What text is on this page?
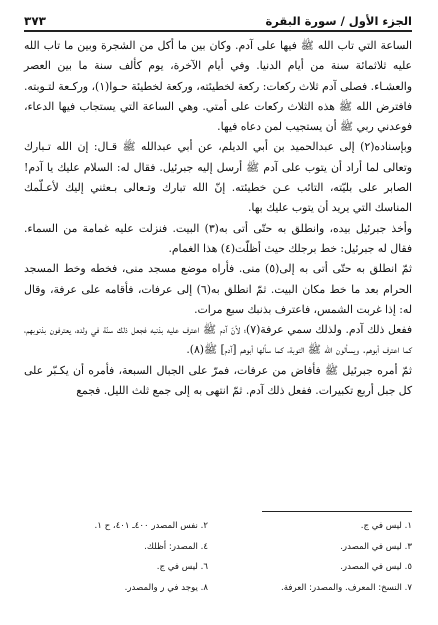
الجزء الأول / سورة البقرة
٣٧٣

الساعة التي تاب الله ﷺ فيها على آدم. وكان بين ما أكل من الشجرة وبين ما تاب الله عليه ثلاثمائة سنة من أيام الدنيا. وفي أيام الآخرة، يوم كألف سنة ما بين العصر والعشـاء. فصلى آدم ثلاث ركعات: ركعة لخطيئته، وركعة لخطيئة حـوا(١)، وركـعة لتـوبته. فافترض الله ﷺ هذه الثلاث ركعات على أمتي. وهي الساعة التي يستجاب فيها الدعاء، فوعدني ربي ﷺ أن يستجيب لمن دعاه فيها.

وبإسناده(٢) إلى عبدالحميد بن أبي الديلم، عن أبي عبدالله ﷺ قـال: إن الله تـبارك وتعالى لما أراد أن يتوب على آدم ﷺ أرسل إليه جبرئيل. فقال له: السلام عليك يا آدم! الصابر على بليّته، التائب عـن خطيئته. إنّ الله تبارك وتـعالى بـعثني إليك لأعـلّمك المناسك التي يريد أن يتوب عليك بها.

وأخذ جبرئيل بيده، وانطلق به حتّى أتى به(٣) البيت. فنزلت عليه غمامة من السماء. فقال له جبرئيل: خط برجلك حيث أظلّت(٤) هذا الغمام.

ثمّ انطلق به حتّى أتى به إلى(٥) منى. فأراه موضع مسجد منى، فخطه وخط المسجد الحرام بعد ما خط مكان البيت. ثمّ انطلق به(٦) إلى عرفات، فأقامه على عرفة، وقال له: إذا غربت الشمس، فاعترف بذنبك سبع مرات.

ففعل ذلك آدم. ولذلك سمي عرفة(٧)؛ لأنّ آدم ﷺ اعترف عليه بذنبه فجعل ذلك سنّة في ولده، يعترفون بذنوبهم، كما اعترف أبوهم. ويسألون الله ﷺ التوبة، كما سألها أبوهم [آدم] ﷺ(٨).

ثمّ أمره جبرئيل ﷺ فأفاض من عرفات، فمرّ على الجبال السبعة، فأمره أن يكـبّر على كل جبل أربع تكبيرات. ففعل ذلك آدم. ثمّ انتهى به إلى جمع ثلث الليل. فجمع

١. ليس في ج.
٢. نفس المصدر ٤٠٠ـ ٤٠١، ح ١.
٣. ليس في المصدر.
٤. المصدر: أظلك.
٥. ليس في المصدر.
٦. ليس في ج.
٧. النسخ: المعرف. والمصدر: العرفة.
٨. يوجد في ر والمصدر.
